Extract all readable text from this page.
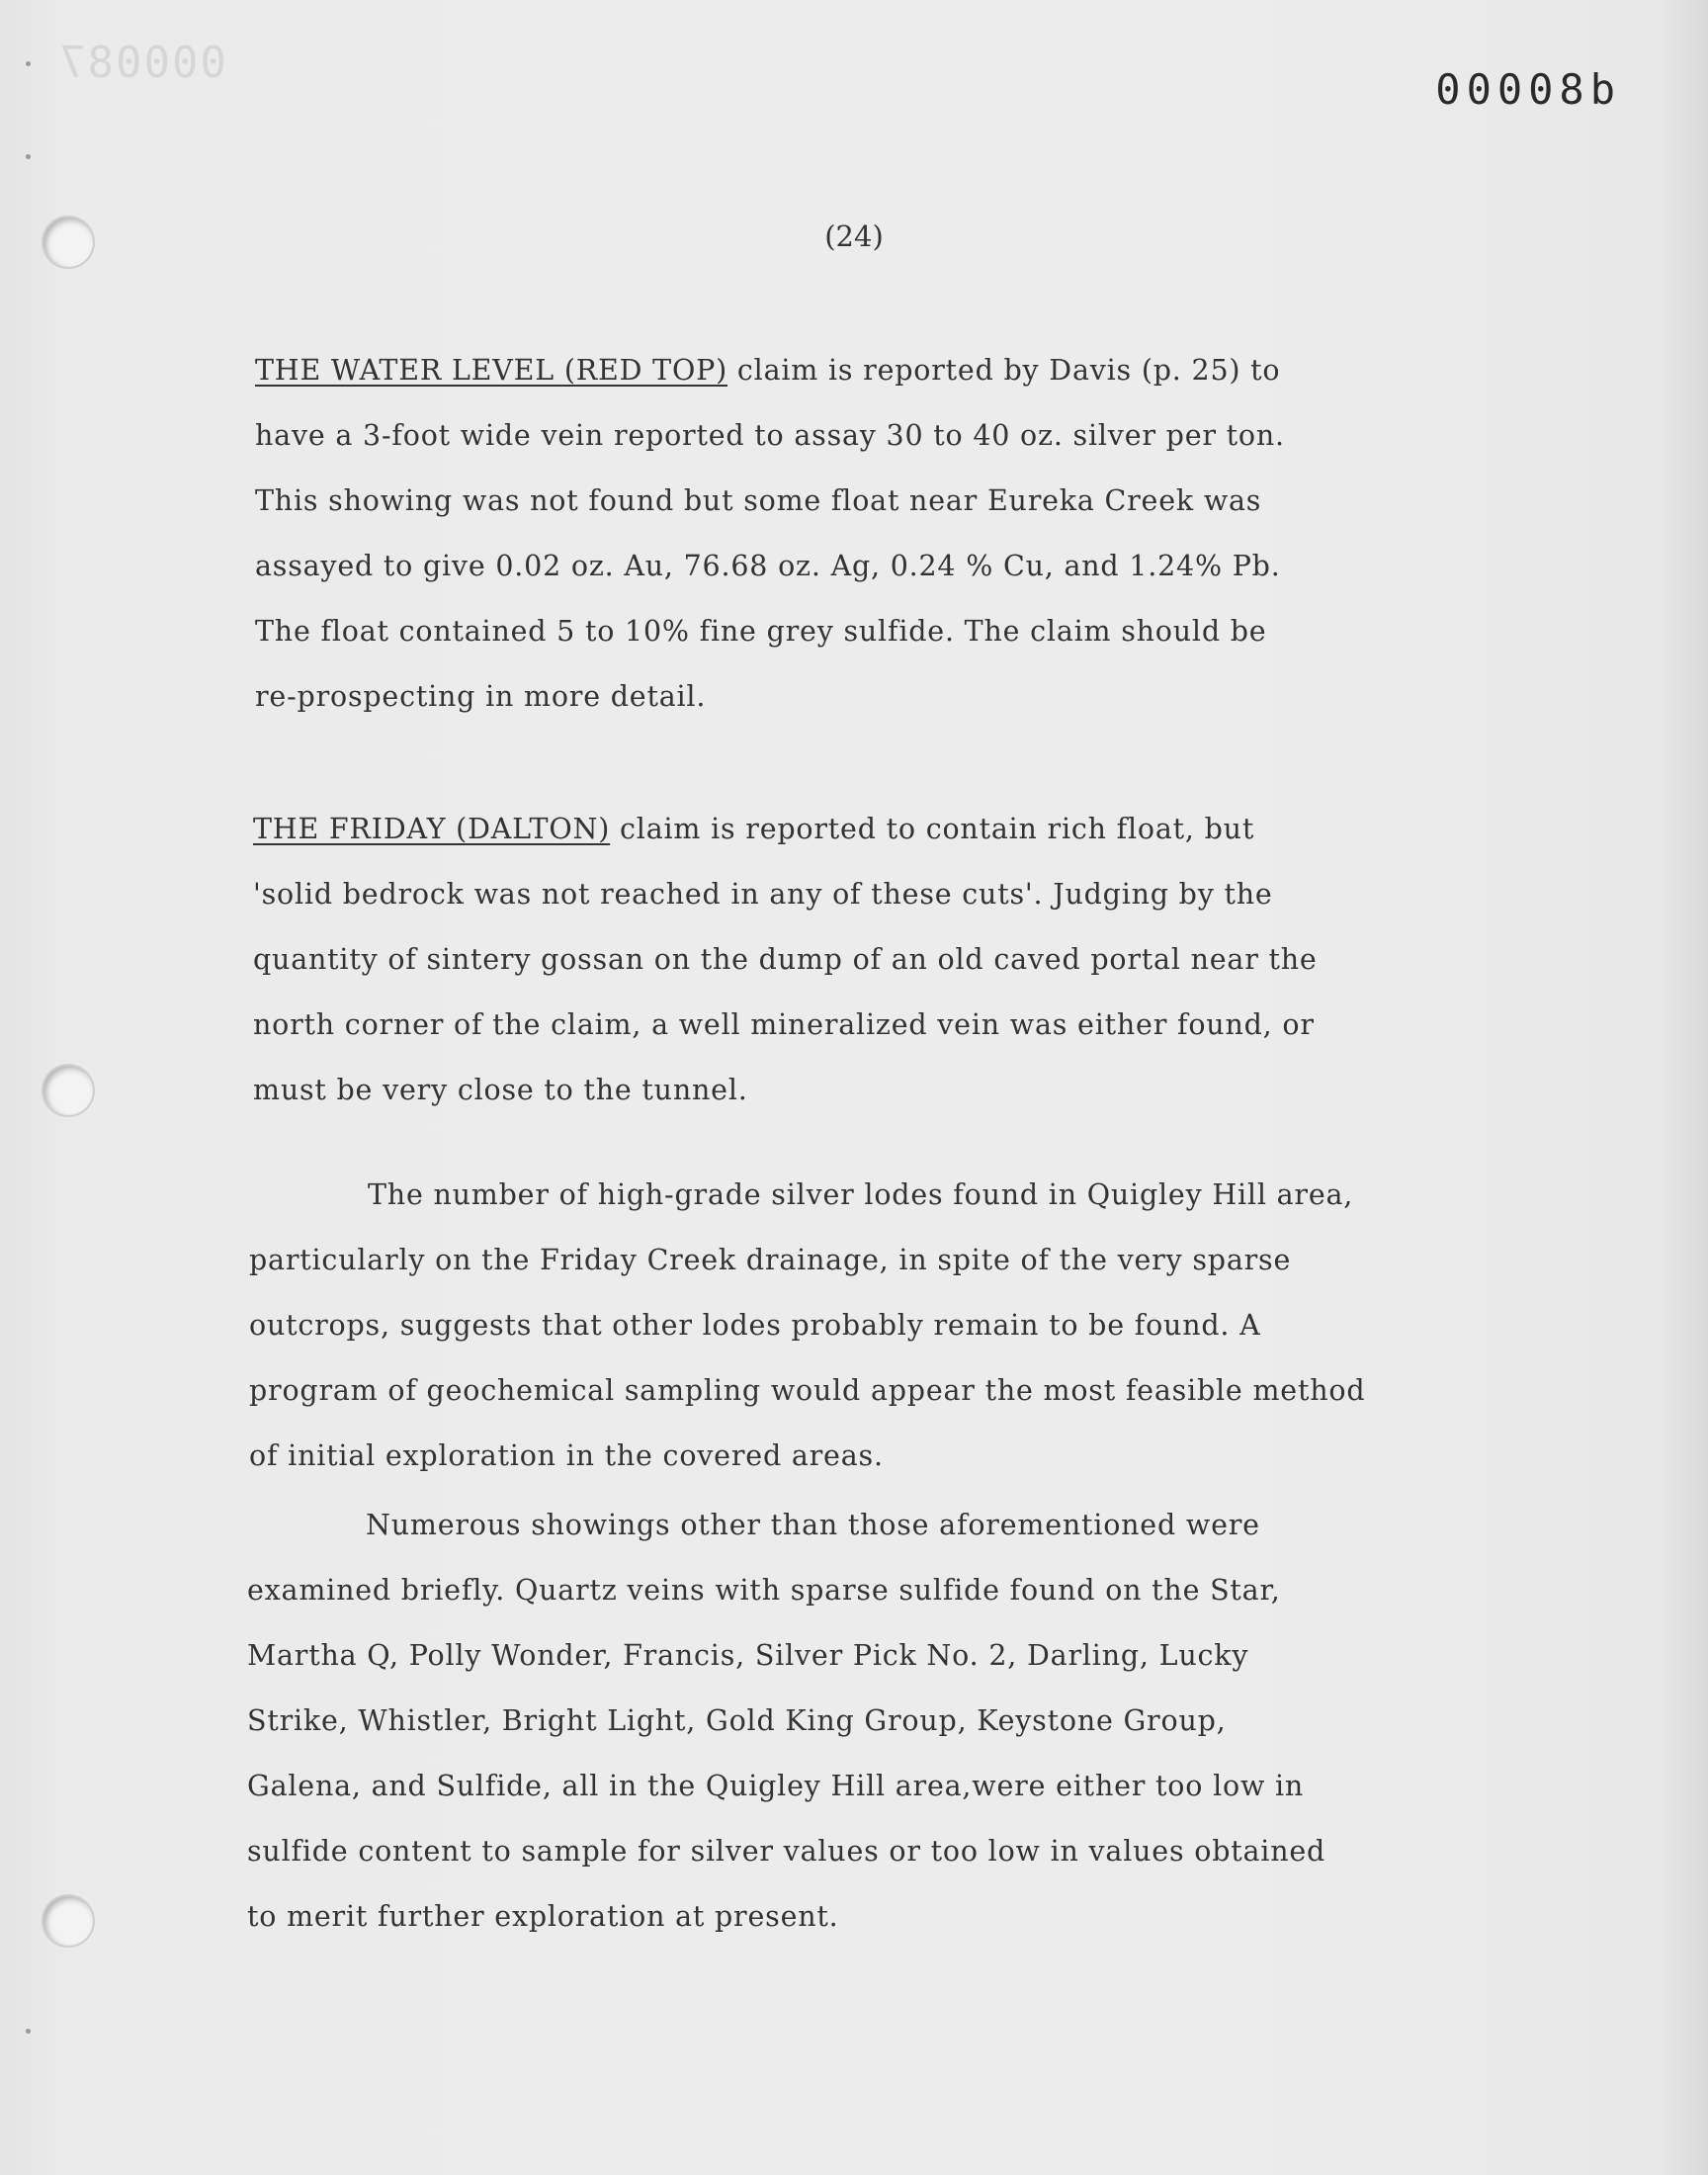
000087
00008b
(24)

THE WATER LEVEL (RED TOP) claim is reported by Davis (p. 25) to
have a 3-foot wide vein reported to assay 30 to 40 oz. silver per ton.
This showing was not found but some float near Eureka Creek was
assayed to give 0.02 oz. Au, 76.68 oz. Ag, 0.24 % Cu, and 1.24% Pb.
The float contained 5 to 10% fine grey sulfide. The claim should be
re-prospecting in more detail.

THE FRIDAY (DALTON) claim is reported to contain rich float, but
'solid bedrock was not reached in any of these cuts'. Judging by the
quantity of sintery gossan on the dump of an old caved portal near the
north corner of the claim, a well mineralized vein was either found, or
must be very close to the tunnel.

The number of high-grade silver lodes found in Quigley Hill area,
particularly on the Friday Creek drainage, in spite of the very sparse
outcrops, suggests that other lodes probably remain to be found. A
program of geochemical sampling would appear the most feasible method
of initial exploration in the covered areas.

Numerous showings other than those aforementioned were
examined briefly. Quartz veins with sparse sulfide found on the Star,
Martha Q, Polly Wonder, Francis, Silver Pick No. 2, Darling, Lucky
Strike, Whistler, Bright Light, Gold King Group, Keystone Group,
Galena, and Sulfide, all in the Quigley Hill area,were either too low in
sulfide content to sample for silver values or too low in values obtained
to merit further exploration at present.
